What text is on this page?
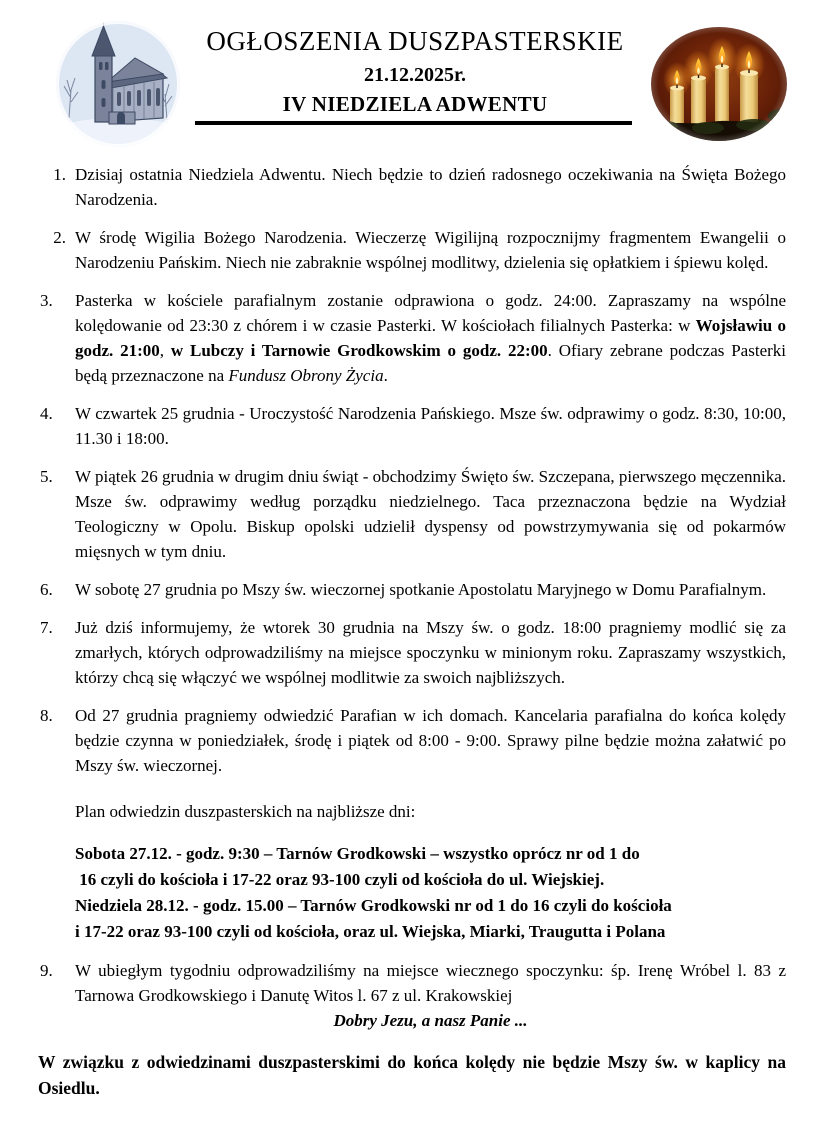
OGŁOSZENIA DUSZPASTERSKIE
21.12.2025r.
IV NIEDZIELA ADWENTU
1. Dzisiaj ostatnia Niedziela Adwentu. Niech będzie to dzień radosnego oczekiwania na Święta Bożego Narodzenia.
2. W środę Wigilia Bożego Narodzenia. Wieczerzę Wigilijną rozpocznijmy fragmentem Ewangelii o Narodzeniu Pańskim. Niech nie zabraknie wspólnej modlitwy, dzielenia się opłatkiem i śpiewu kolęd.
3.	Pasterka w kościele parafialnym zostanie odprawiona o godz. 24:00. Zapraszamy na wspólne kolędowanie od 23:30 z chórem i w czasie Pasterki. W kościołach filialnych Pasterka: w Wojsławiu o godz. 21:00, w Lubczy i Tarnowie Grodkowskim o godz. 22:00. Ofiary zebrane podczas Pasterki będą przeznaczone na Fundusz Obrony Życia.
4.	W czwartek 25 grudnia - Uroczystość Narodzenia Pańskiego. Msze św. odprawimy o godz. 8:30, 10:00, 11.30 i 18:00.
5.	W piątek 26 grudnia w drugim dniu świąt - obchodzimy Święto św. Szczepana, pierwszego męczennika. Msze św. odprawimy według porządku niedzielnego. Taca przeznaczona będzie na Wydział Teologiczny w Opolu. Biskup opolski udzielił dyspensy od powstrzymywania się od pokarmów mięsnych w tym dniu.
6.	W sobotę 27 grudnia po Mszy św. wieczornej spotkanie Apostolatu Maryjnego w Domu Parafialnym.
7.	Już dziś informujemy, że wtorek 30 grudnia na Mszy św. o godz. 18:00 pragniemy modlić się za zmarłych, których odprowadziliśmy na miejsce spoczynku w minionym roku. Zapraszamy wszystkich, którzy chcą się włączyć we wspólnej modlitwie za swoich najbliższych.
8.	Od 27 grudnia pragniemy odwiedzić Parafian w ich domach. Kancelaria parafialna do końca kolędy będzie czynna w poniedziałek, środę i piątek od 8:00 - 9:00. Sprawy pilne będzie można załatwić po Mszy św. wieczornej.
Plan odwiedzin duszpasterskich na najbliższe dni:
Sobota 27.12. - godz. 9:30 – Tarnów Grodkowski – wszystko oprócz nr od 1 do
16 czyli do kościoła i 17-22 oraz 93-100 czyli od kościoła do ul. Wiejskiej.
Niedziela 28.12. - godz. 15.00 – Tarnów Grodkowski nr od 1 do 16 czyli do kościoła
i 17-22 oraz 93-100 czyli od kościoła, oraz ul. Wiejska, Miarki, Traugutta i Polana
9.	W ubiegłym tygodniu odprowadziliśmy na miejsce wiecznego spoczynku: śp. Irenę Wróbel l. 83 z Tarnowa Grodkowskiego i Danutę Witos l. 67 z ul. Krakowskiej
Dobry Jezu, a nasz Panie ...
W związku z odwiedzinami duszpasterskimi do końca kolędy nie będzie Mszy św. w kaplicy na Osiedlu.
